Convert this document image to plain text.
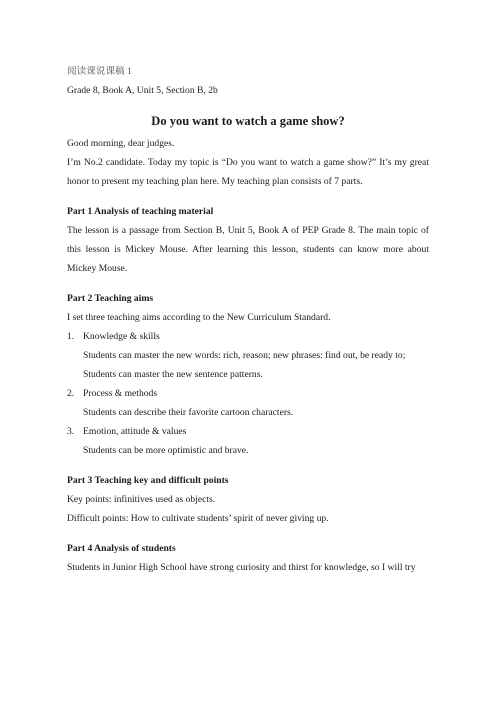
阅读课说课稿 1
Grade 8, Book A, Unit 5, Section B, 2b
Do you want to watch a game show?
Good morning, dear judges.
I’m No.2 candidate. Today my topic is “Do you want to watch a game show?” It’s my great honor to present my teaching plan here. My teaching plan consists of 7 parts.
Part 1 Analysis of teaching material
The lesson is a passage from Section B, Unit 5, Book A of PEP Grade 8. The main topic of this lesson is Mickey Mouse. After learning this lesson, students can know more about Mickey Mouse.
Part 2 Teaching aims
I set three teaching aims according to the New Curriculum Standard.
1. Knowledge & skills
Students can master the new words: rich, reason; new phrases: find out, be ready to;
Students can master the new sentence patterns.
2. Process & methods
Students can describe their favorite cartoon characters.
3. Emotion, attitude & values
Students can be more optimistic and brave.
Part 3 Teaching key and difficult points
Key points: infinitives used as objects.
Difficult points: How to cultivate students’ spirit of never giving up.
Part 4 Analysis of students
Students in Junior High School have strong curiosity and thirst for knowledge, so I will try
